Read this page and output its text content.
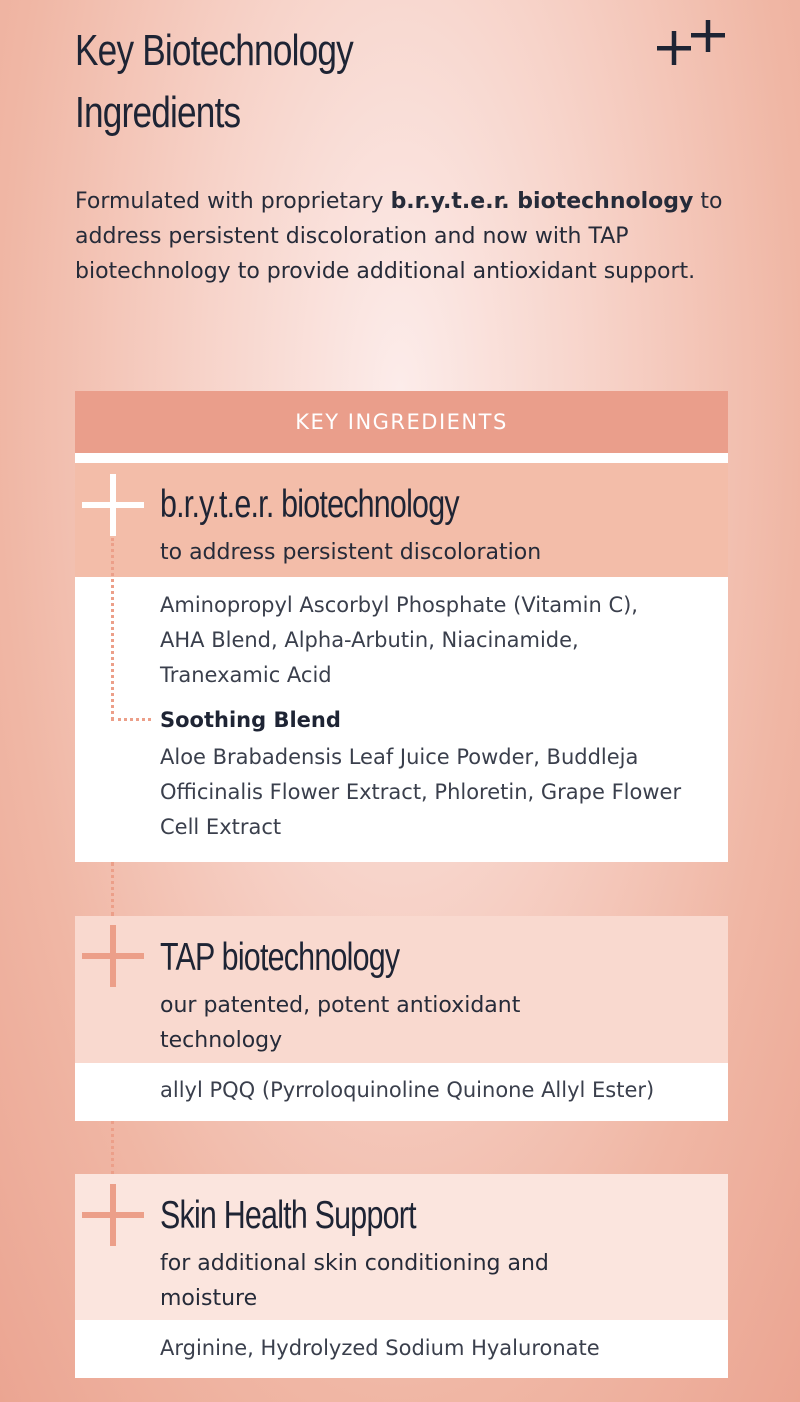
Key Biotechnology
Ingredients

Formulated with proprietary b.r.y.t.e.r. biotechnology to address persistent discoloration and now with TAP biotechnology to provide additional antioxidant support.

KEY INGREDIENTS
b.r.y.t.e.r. biotechnology
to address persistent discoloration
Aminopropyl Ascorbyl Phosphate (Vitamin C), AHA Blend, Alpha-Arbutin, Niacinamide, Tranexamic Acid
Soothing Blend
Aloe Brabadensis Leaf Juice Powder, Buddleja Officinalis Flower Extract, Phloretin, Grape Flower Cell Extract
TAP biotechnology
our patented, potent antioxidant technology
allyl PQQ (Pyrroloquinoline Quinone Allyl Ester)
Skin Health Support
for additional skin conditioning and moisture
Arginine, Hydrolyzed Sodium Hyaluronate
